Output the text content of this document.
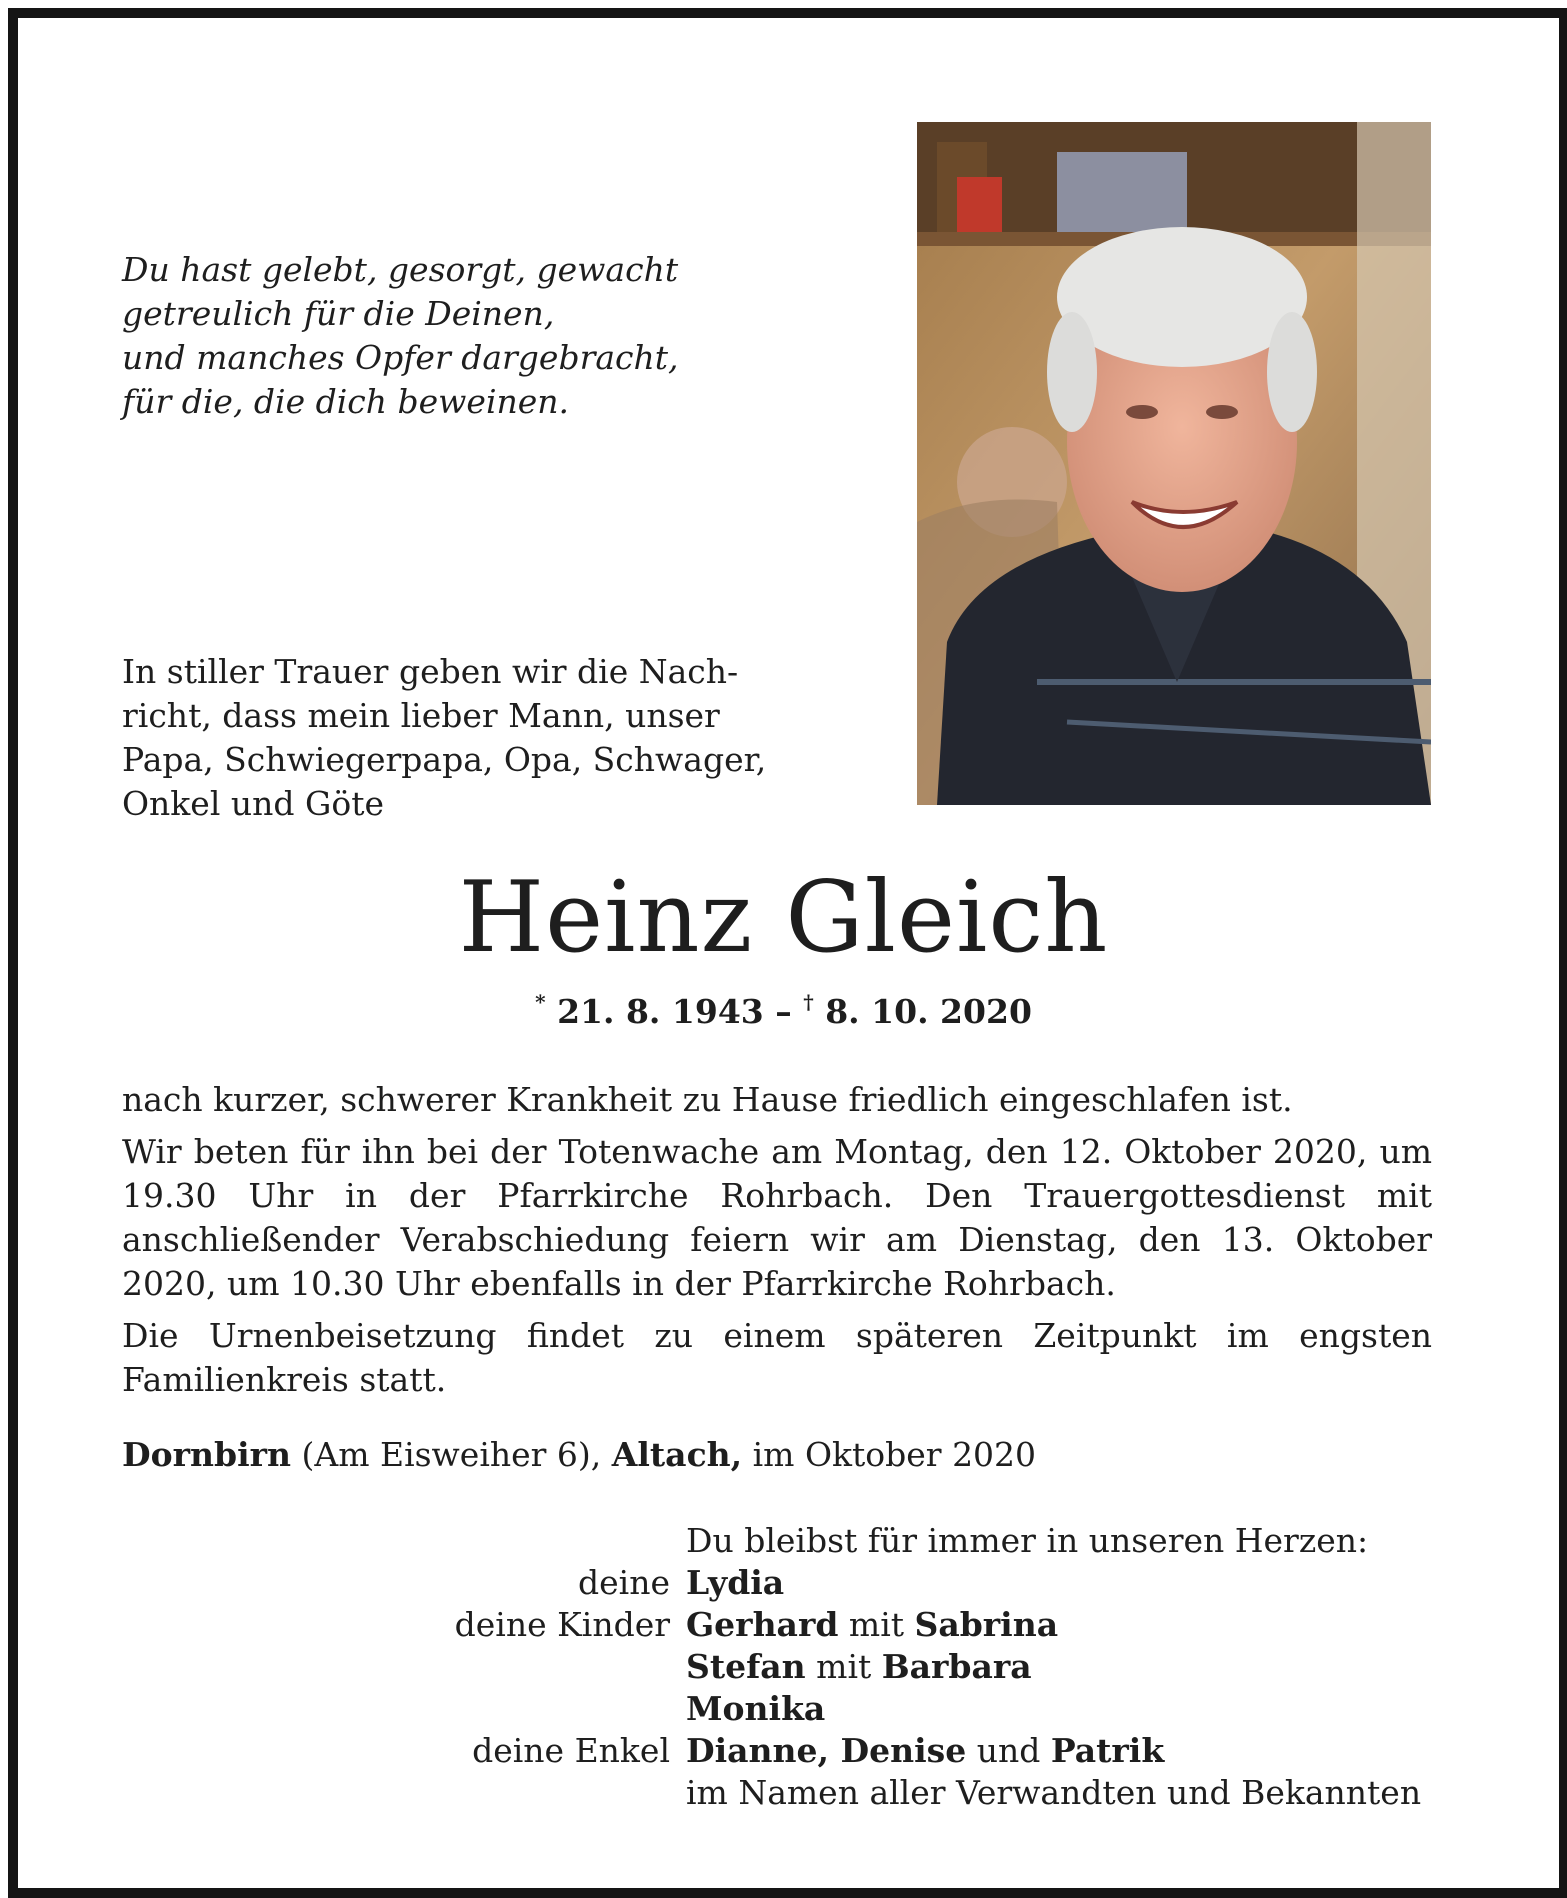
Du hast gelebt, gesorgt, gewacht
getreulich für die Deinen,
und manches Opfer dargebracht,
für die, die dich beweinen.
In stiller Trauer geben wir die Nach-
richt, dass mein lieber Mann, unser
Papa, Schwiegerpapa, Opa, Schwager,
Onkel und Göte
Heinz Gleich
* 21. 8. 1943 – † 8. 10. 2020

nach kurzer, schwerer Krankheit zu Hause friedlich eingeschlafen ist.

Wir beten für ihn bei der Totenwache am Montag, den 12. Oktober 2020, um 19.30 Uhr in der Pfarrkirche Rohrbach. Den Trauergottesdienst mit anschließender Verabschiedung feiern wir am Dienstag, den 13. Oktober 2020, um 10.30 Uhr ebenfalls in der Pfarrkirche Rohrbach.

Die Urnenbeisetzung findet zu einem späteren Zeitpunkt im engsten Familienkreis statt.

Dornbirn (Am Eisweiher 6), Altach, im Oktober 2020
Du bleibst für immer in unseren Herzen:
deine Lydia
deine Kinder Gerhard mit Sabrina
Stefan mit Barbara
Monika
deine Enkel Dianne, Denise und Patrik
im Namen aller Verwandten und Bekannten
